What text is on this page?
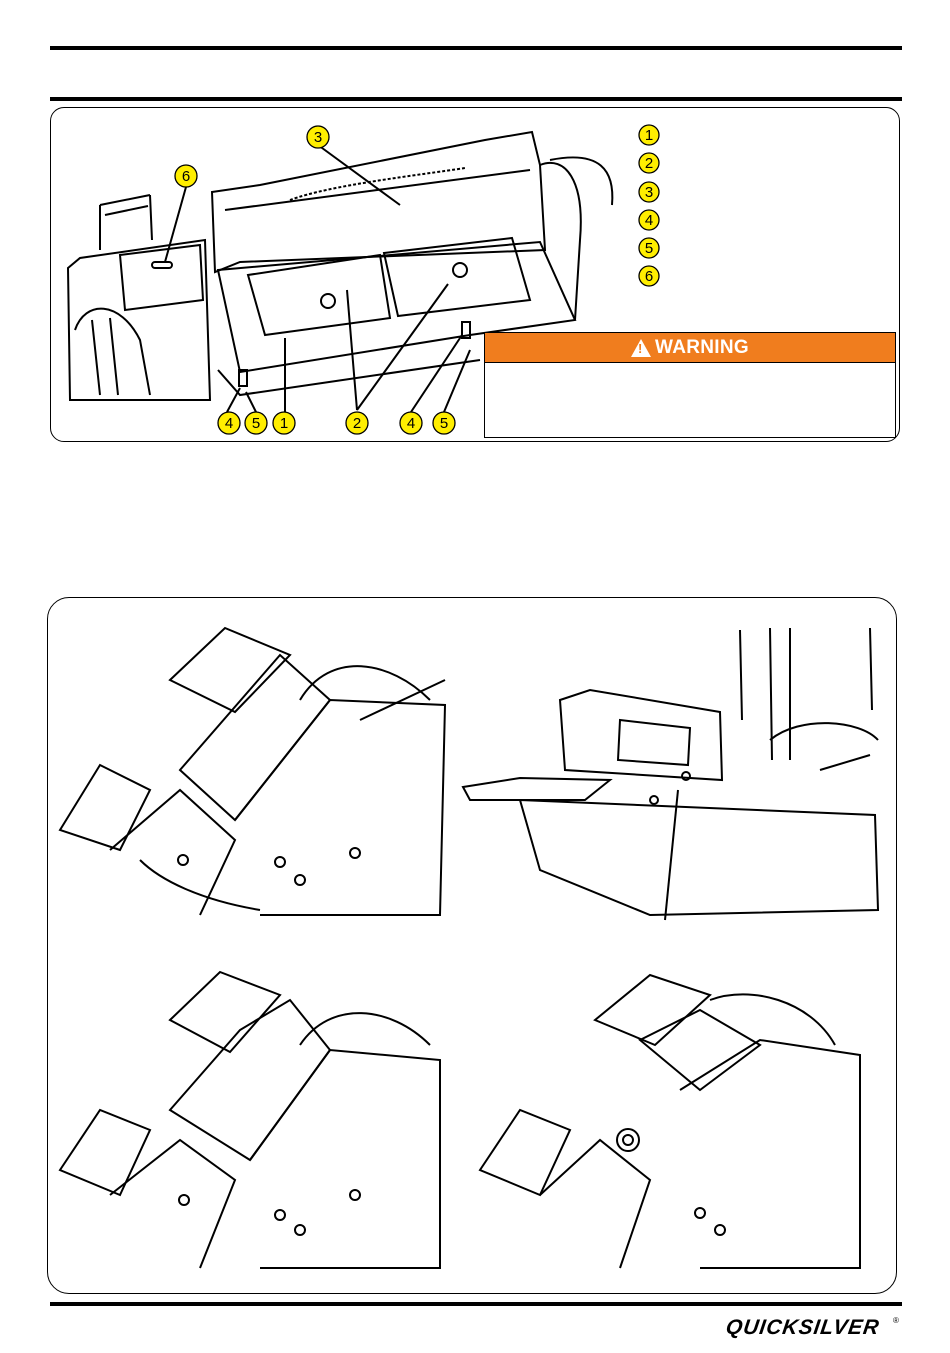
3
6
4 5 1	2	4 5
1
2
3
4
5
6
!
WARNING
QUICKSILVER ®
